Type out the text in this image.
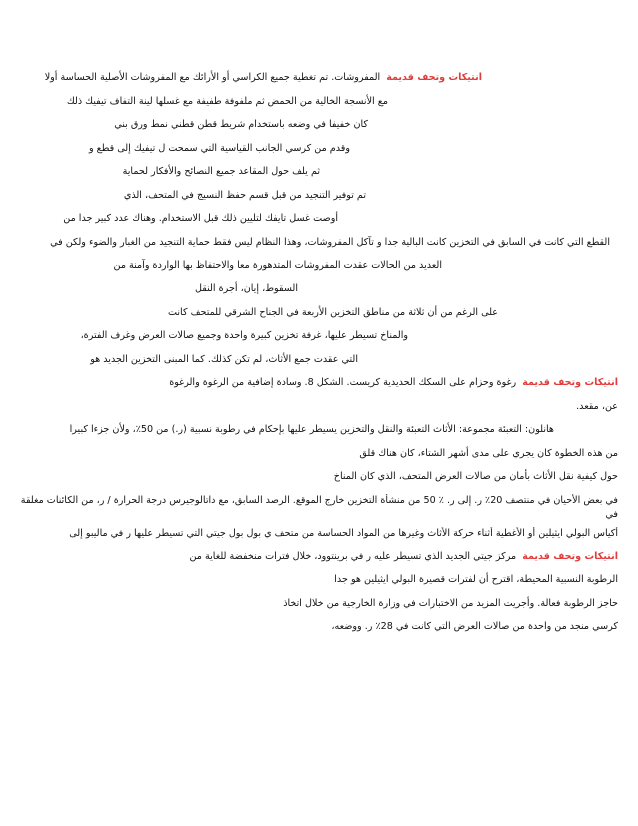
انتيكات وتحف قديمةالمفروشات. تم تغطية جميع الكراسي أو الأرائك مع المفروشات الأصلية الحساسة أولا
مع الأنسجة الخالية من الحمض ثم ملفوفة طفيفة مع غسلها لينة التفاف تيفيك ذلك
كان خفيفا في وضعه باستخدام شريط قطن قطني نمط ورق بني
وقدم من كرسي الجانب القياسية التي سمحت ل تيفيك إلى قطع و
ثم يلف حول المقاعد جميع النصائح والأفكار لحماية
تم توفير التنجيد من قبل قسم حفظ النسيج في المتحف، الذي
أوصت غسل تايفك لتليين ذلك قبل الاستخدام. وهناك عدد كبير جدا من
القطع التي كانت في السابق في التخزين كانت البالية جدا و تآكل المفروشات، وهذا النظام ليس فقط حماية التنجيد من الغبار والضوء ولكن في
العديد من الحالات عقدت المفروشات المتدهورة معا والاحتفاظ بها الواردة وآمنة من
السقوط، إيان، أجرة النقل
على الرغم من أن ثلاثة من مناطق التخزين الأربعة في الجناح الشرقي للمتحف كانت
والمناخ تسيطر عليها، غرفة تخزين كبيرة واحدة وجميع صالات العرض وغرف الفترة،
التي عقدت جمع الأثاث، لم تكن كذلك. كما المبنى التخزين الجديد هو
انتيكات وتحف قديمةرغوة وحزام على السكك الحديدية كريست. الشكل 8. وسادة إضافية من الرغوة والرغوة
عن، مقعد.
هانلون: التعبئة مجموعة: الأثاث التعبئة والنقل والتخزين يسيطر عليها بإحكام في رطوبة نسبية (ر.) من 50٪، ولأن جزءا كبيرا
من هذه الخطوة كان يجري على مدى أشهر الشتاء، كان هناك قلق
حول كيفية نقل الأثاث بأمان من صالات العرض المتحف، الذي كان المناخ
في بعض الأحيان في منتصف 20٪ ر. إلى ر. ٪ 50 من منشأة التخزين خارج الموقع. الرصد السابق، مع داتالوجيرس درجة الحرارة / ر، من الكائنات مغلقة في
أكياس البولي ايثيلين أو الأغطية أثناء حركة الأثاث وغيرها من المواد الحساسة من متحف ي بول بول جيتي التي تسيطر عليها ر في ماليبو إلى
انتيكات وتحف قديمةمركز جيتي الجديد الذي تسيطر عليه ر في برينتوود، خلال فترات منخفضة للغاية من
الرطوبة النسبية المحيطة، اقترح أن لفترات قصيرة البولي ايثيلين هو جدا
حاجز الرطوبة فعالة. وأجريت المزيد من الاختبارات في وزارة الخارجية من خلال اتخاذ
كرسي منجد من واحدة من صالات العرض التي كانت في 28٪ ر. ووضعه،
